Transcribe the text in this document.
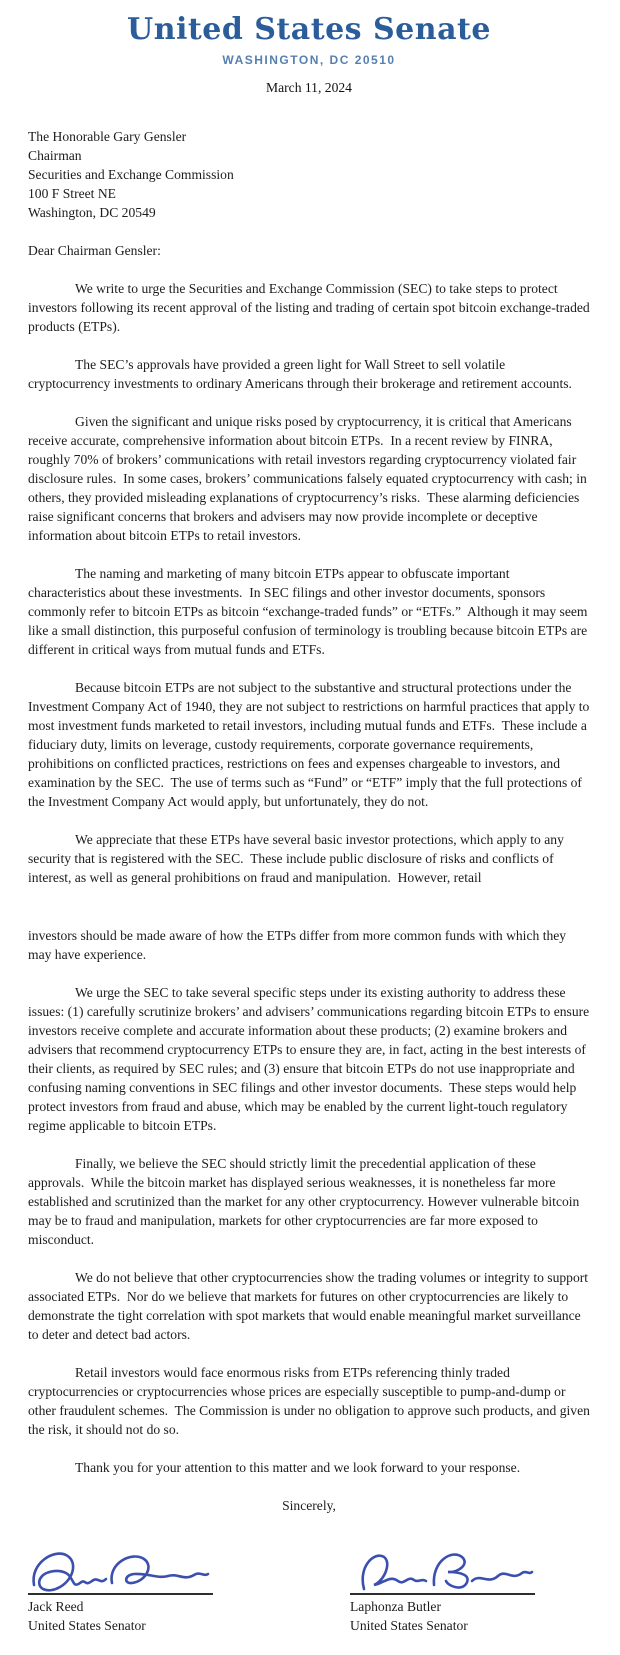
United States Senate
WASHINGTON, DC 20510
March 11, 2024
The Honorable Gary Gensler
Chairman
Securities and Exchange Commission
100 F Street NE
Washington, DC 20549

Dear Chairman Gensler:

We write to urge the Securities and Exchange Commission (SEC) to take steps to protect investors following its recent approval of the listing and trading of certain spot bitcoin exchange-traded products (ETPs).

The SEC’s approvals have provided a green light for Wall Street to sell volatile cryptocurrency investments to ordinary Americans through their brokerage and retirement accounts.

Given the significant and unique risks posed by cryptocurrency, it is critical that Americans receive accurate, comprehensive information about bitcoin ETPs.  In a recent review by FINRA, roughly 70% of brokers’ communications with retail investors regarding cryptocurrency violated fair disclosure rules.  In some cases, brokers’ communications falsely equated cryptocurrency with cash; in others, they provided misleading explanations of cryptocurrency’s risks.  These alarming deficiencies raise significant concerns that brokers and advisers may now provide incomplete or deceptive information about bitcoin ETPs to retail investors.

The naming and marketing of many bitcoin ETPs appear to obfuscate important characteristics about these investments.  In SEC filings and other investor documents, sponsors commonly refer to bitcoin ETPs as bitcoin “exchange-traded funds” or “ETFs.”  Although it may seem like a small distinction, this purposeful confusion of terminology is troubling because bitcoin ETPs are different in critical ways from mutual funds and ETFs.

Because bitcoin ETPs are not subject to the substantive and structural protections under the Investment Company Act of 1940, they are not subject to restrictions on harmful practices that apply to most investment funds marketed to retail investors, including mutual funds and ETFs.  These include a fiduciary duty, limits on leverage, custody requirements, corporate governance requirements, prohibitions on conflicted practices, restrictions on fees and expenses chargeable to investors, and examination by the SEC.  The use of terms such as “Fund” or “ETF” imply that the full protections of the Investment Company Act would apply, but unfortunately, they do not.

We appreciate that these ETPs have several basic investor protections, which apply to any security that is registered with the SEC.  These include public disclosure of risks and conflicts of interest, as well as general prohibitions on fraud and manipulation.  However, retail

investors should be made aware of how the ETPs differ from more common funds with which they may have experience.

We urge the SEC to take several specific steps under its existing authority to address these issues: (1) carefully scrutinize brokers’ and advisers’ communications regarding bitcoin ETPs to ensure investors receive complete and accurate information about these products; (2) examine brokers and advisers that recommend cryptocurrency ETPs to ensure they are, in fact, acting in the best interests of their clients, as required by SEC rules; and (3) ensure that bitcoin ETPs do not use inappropriate and confusing naming conventions in SEC filings and other investor documents.  These steps would help protect investors from fraud and abuse, which may be enabled by the current light-touch regulatory regime applicable to bitcoin ETPs.

Finally, we believe the SEC should strictly limit the precedential application of these approvals.  While the bitcoin market has displayed serious weaknesses, it is nonetheless far more established and scrutinized than the market for any other cryptocurrency. However vulnerable bitcoin may be to fraud and manipulation, markets for other cryptocurrencies are far more exposed to misconduct.

We do not believe that other cryptocurrencies show the trading volumes or integrity to support associated ETPs.  Nor do we believe that markets for futures on other cryptocurrencies are likely to demonstrate the tight correlation with spot markets that would enable meaningful market surveillance to deter and detect bad actors.

Retail investors would face enormous risks from ETPs referencing thinly traded cryptocurrencies or cryptocurrencies whose prices are especially susceptible to pump-and-dump or other fraudulent schemes.  The Commission is under no obligation to approve such products, and given the risk, it should not do so.

Thank you for your attention to this matter and we look forward to your response.

Sincerely,

Jack Reed
United States Senator
Laphonza Butler
United States Senator
